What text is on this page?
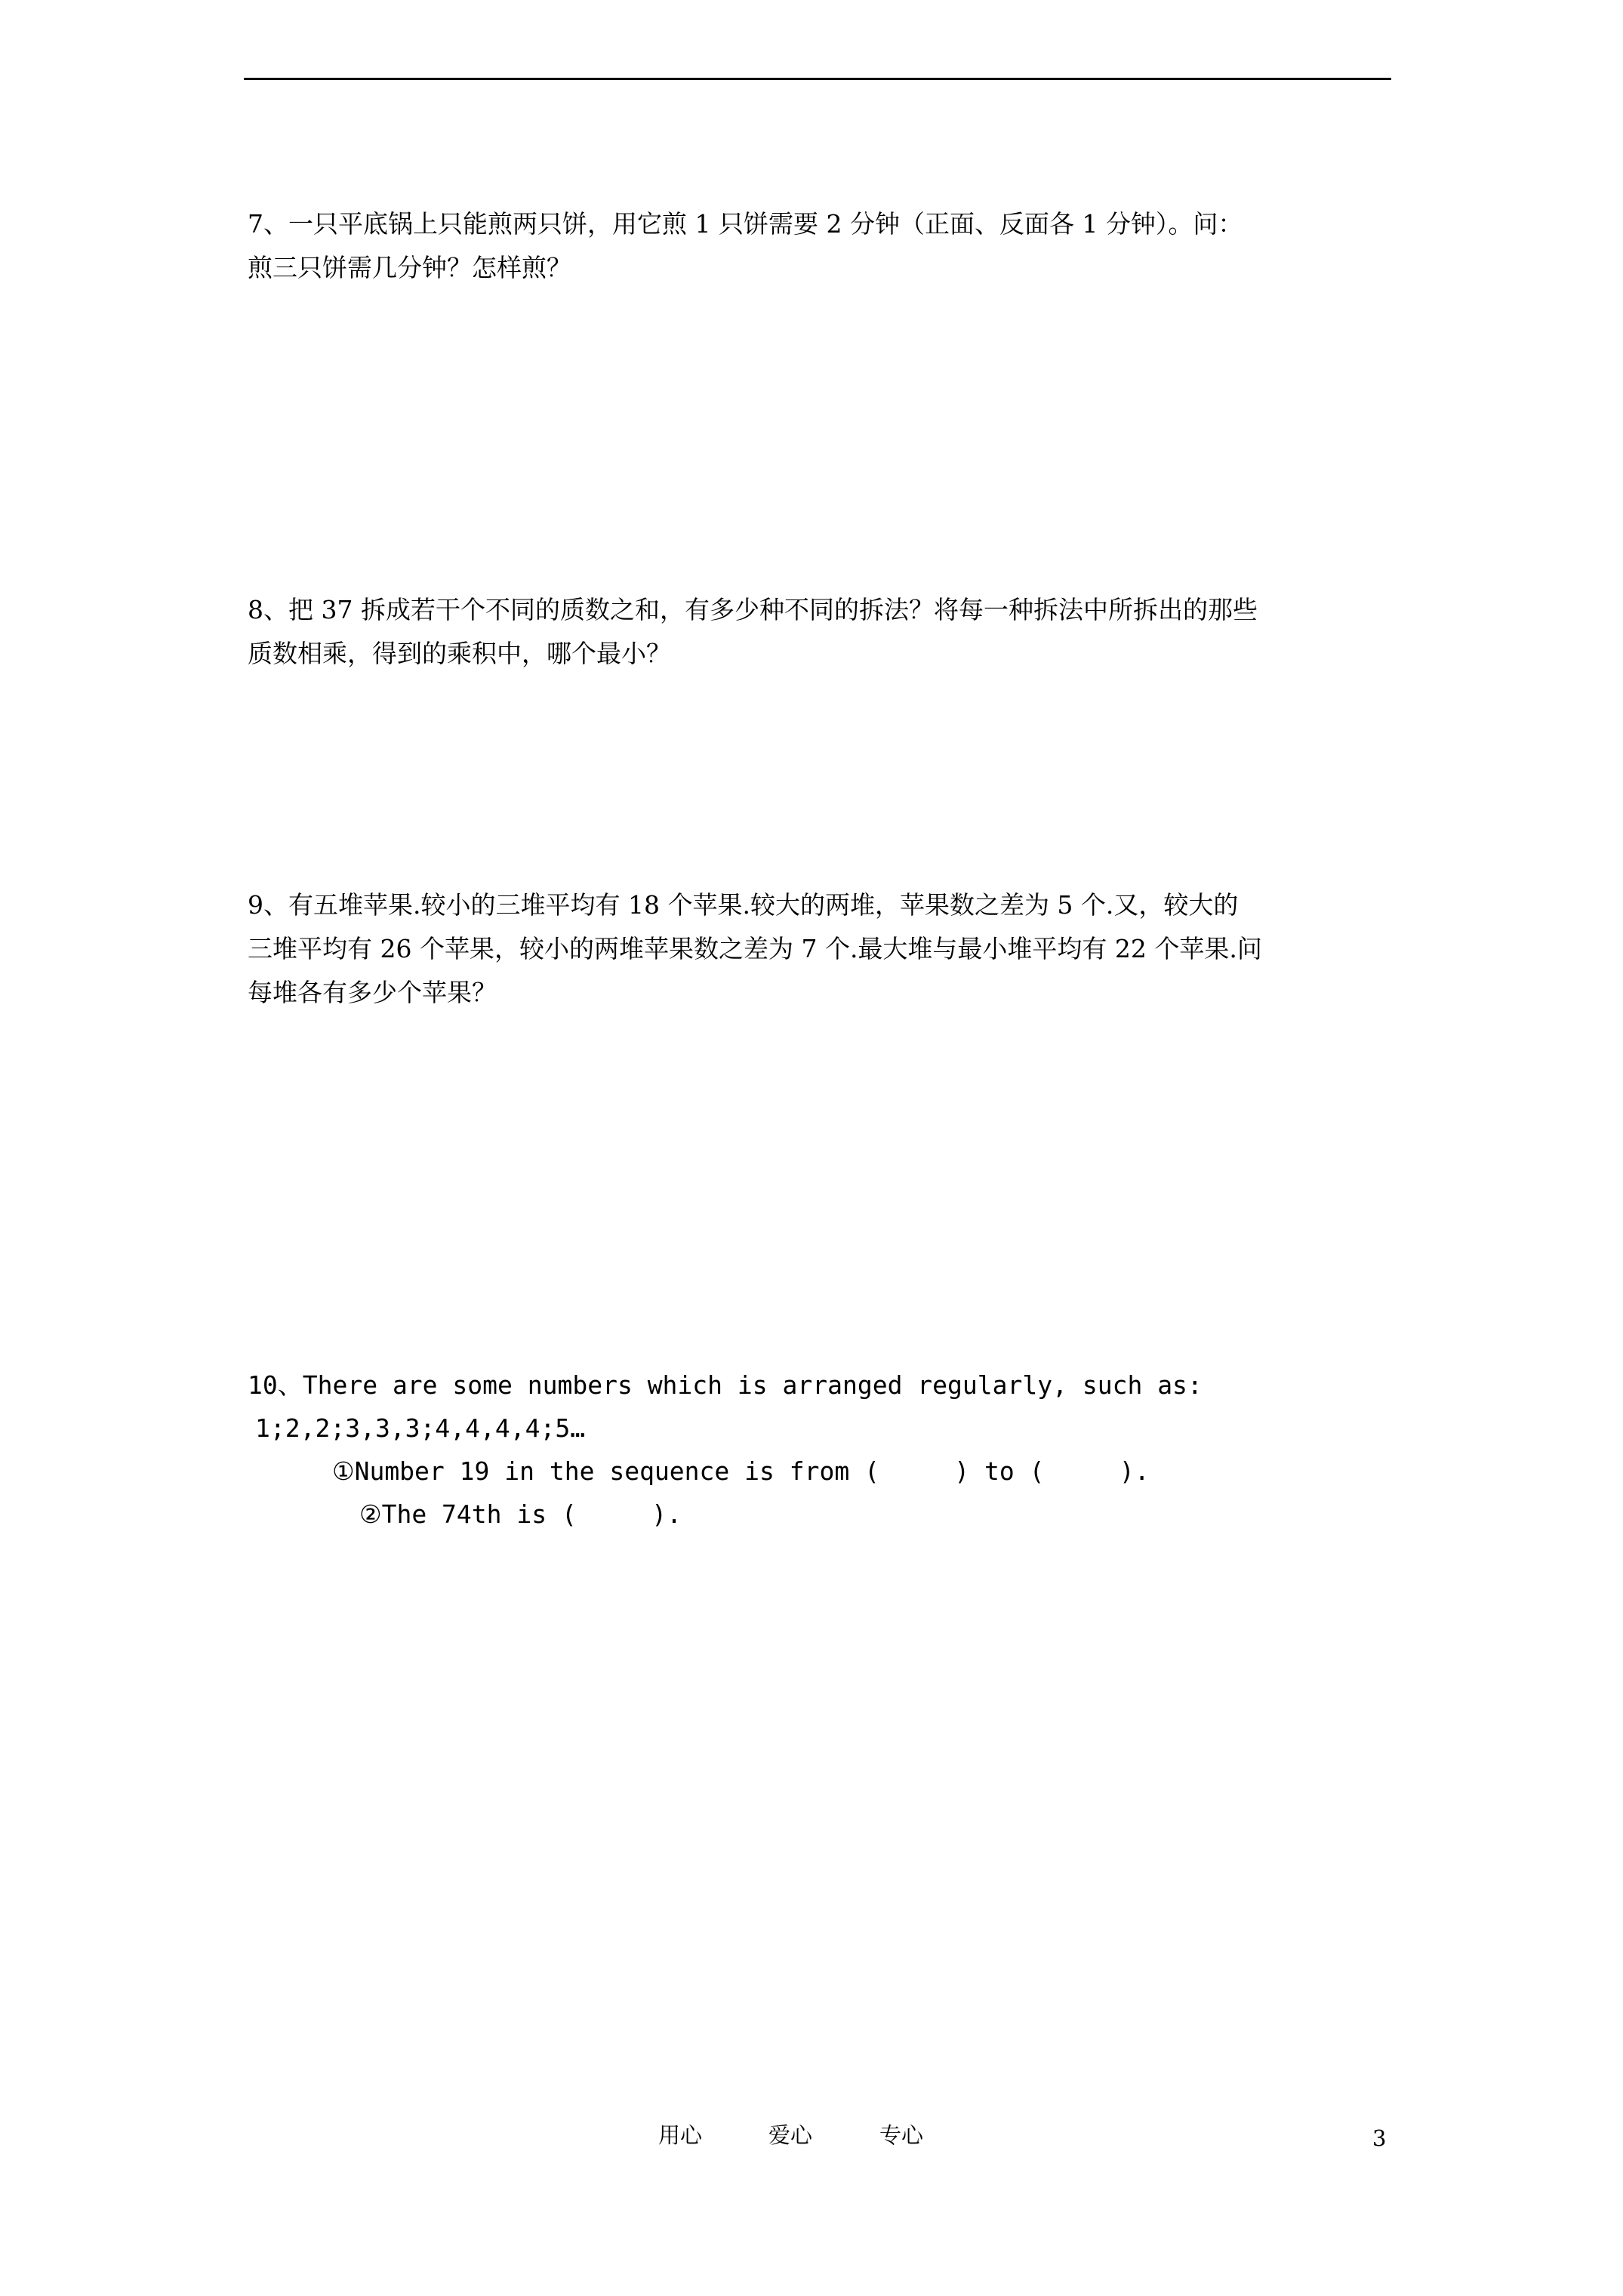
7、一只平底锅上只能煎两只饼，用它煎 1 只饼需要 2 分钟（正面、反面各 1 分钟）。问：
煎三只饼需几分钟？怎样煎？
8、把 37 拆成若干个不同的质数之和，有多少种不同的拆法？将每一种拆法中所拆出的那些
质数相乘，得到的乘积中，哪个最小？
9、有五堆苹果.较小的三堆平均有 18 个苹果.较大的两堆，苹果数之差为 5 个.又，较大的
三堆平均有 26 个苹果，较小的两堆苹果数之差为 7 个.最大堆与最小堆平均有 22 个苹果.问
每堆各有多少个苹果？
10、There are some numbers which is arranged regularly, such as:
1;2,2;3,3,3;4,4,4,4;5…
①Number 19 in the sequence is from (     ) to (     ).
②The 74th is (     ).
用心	爱心	专心	3
